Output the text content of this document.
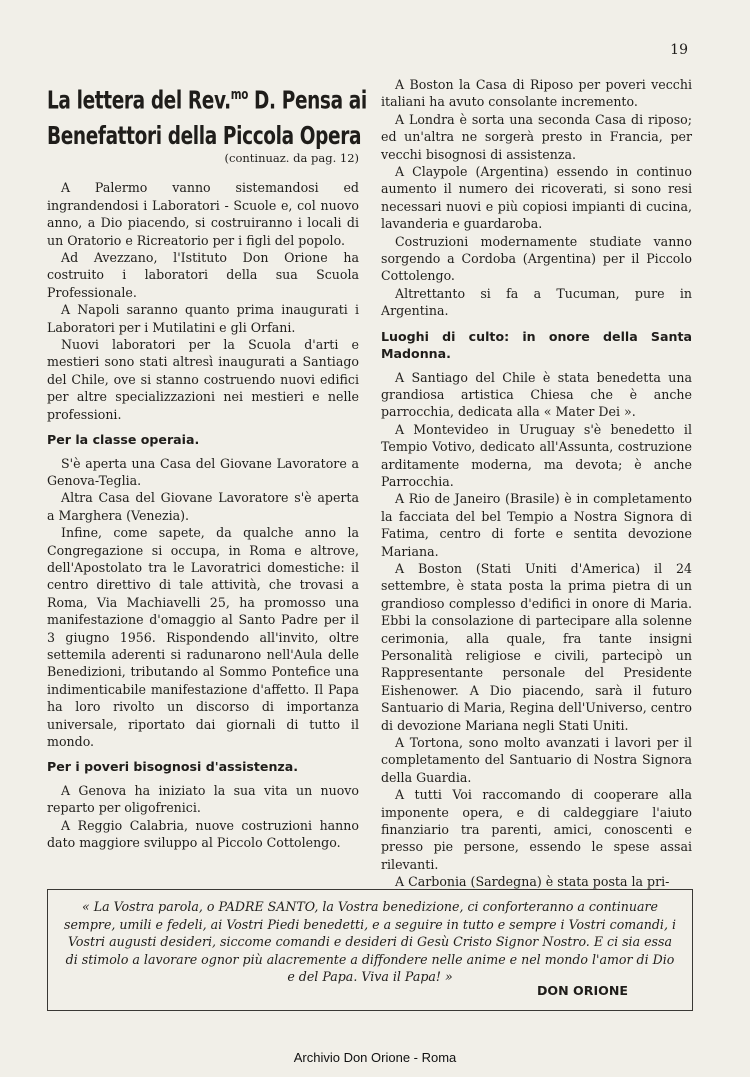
19
La lettera del Rev.$^{mo}$ D. Pensa ai
Benefattori della Piccola Opera
(continuaz. da pag. 12)

A Palermo vanno sistemandosi ed ingrandendosi i Laboratori - Scuole e, col nuovo anno, a Dio piacendo, si costruiranno i locali di un Oratorio e Ricreatorio per i figli del popolo.

Ad Avezzano, l'Istituto Don Orione ha costruito i laboratori della sua Scuola Professionale.

A Napoli saranno quanto prima inaugurati i Laboratori per i Mutilatini e gli Orfani.

Nuovi laboratori per la Scuola d'arti e mestieri sono stati altresì inaugurati a Santiago del Chile, ove si stanno costruendo nuovi edifici per altre specializzazioni nei mestieri e nelle professioni.

Per la classe operaia.

S'è aperta una Casa del Giovane Lavoratore a Genova-Teglia.

Altra Casa del Giovane Lavoratore s'è aperta a Marghera (Venezia).

Infine, come sapete, da qualche anno la Congregazione si occupa, in Roma e altrove, dell'Apostolato tra le Lavoratrici domestiche: il centro direttivo di tale attività, che trovasi a Roma, Via Machiavelli 25, ha promosso una manifestazione d'omaggio al Santo Padre per il 3 giugno 1956. Rispondendo all'invito, oltre settemila aderenti si radunarono nell'Aula delle Benedizioni, tributando al Sommo Pontefice una indimenticabile manifestazione d'affetto. Il Papa ha loro rivolto un discorso di importanza universale, riportato dai giornali di tutto il mondo.

Per i poveri bisognosi d'assistenza.

A Genova ha iniziato la sua vita un nuovo reparto per oligofrenici.

A Reggio Calabria, nuove costruzioni hanno dato maggiore sviluppo al Piccolo Cottolengo.

A Boston la Casa di Riposo per poveri vecchi italiani ha avuto consolante incremento.

A Londra è sorta una seconda Casa di riposo; ed un'altra ne sorgerà presto in Francia, per vecchi bisognosi di assistenza.

A Claypole (Argentina) essendo in continuo aumento il numero dei ricoverati, si sono resi necessari nuovi e più copiosi impianti di cucina, lavanderia e guardaroba.

Costruzioni modernamente studiate vanno sorgendo a Cordoba (Argentina) per il Piccolo Cottolengo.

Altrettanto si fa a Tucuman, pure in Argentina.

Luoghi di culto: in onore della Santa Madonna.

A Santiago del Chile è stata benedetta una grandiosa artistica Chiesa che è anche parrocchia, dedicata alla « Mater Dei ».

A Montevideo in Uruguay s'è benedetto il Tempio Votivo, dedicato all'Assunta, costruzione arditamente moderna, ma devota; è anche Parrocchia.

A Rio de Janeiro (Brasile) è in completamento la facciata del bel Tempio a Nostra Signora di Fatima, centro di forte e sentita devozione Mariana.

A Boston (Stati Uniti d'America) il 24 settembre, è stata posta la prima pietra di un grandioso complesso d'edifici in onore di Maria. Ebbi la consolazione di partecipare alla solenne cerimonia, alla quale, fra tante insigni Personalità religiose e civili, partecipò un Rappresentante personale del Presidente Eishenower. A Dio piacendo, sarà il futuro Santuario di Maria, Regina dell'Universo, centro di devozione Mariana negli Stati Uniti.

A Tortona, sono molto avanzati i lavori per il completamento del Santuario di Nostra Signora della Guardia.

A tutti Voi raccomando di cooperare alla imponente opera, e di caldeggiare l'aiuto finanziario tra parenti, amici, conoscenti e presso pie persone, essendo le spese assai rilevanti.

A Carbonia (Sardegna) è stata posta la pri-

« La Vostra parola, o PADRE SANTO, la Vostra benedizione, ci conforteranno a continuare sempre, umili e fedeli, ai Vostri Piedi benedetti, e a seguire in tutto e sempre i Vostri comandi, i Vostri augusti desideri, siccome comandi e desideri di Gesù Cristo Signor Nostro. E ci sia essa di stimolo a lavorare ognor più alacremente a diffondere nelle anime e nel mondo l'amor di Dio e del Papa. Viva il Papa! »
DON ORIONE
Archivio Don Orione - Roma
